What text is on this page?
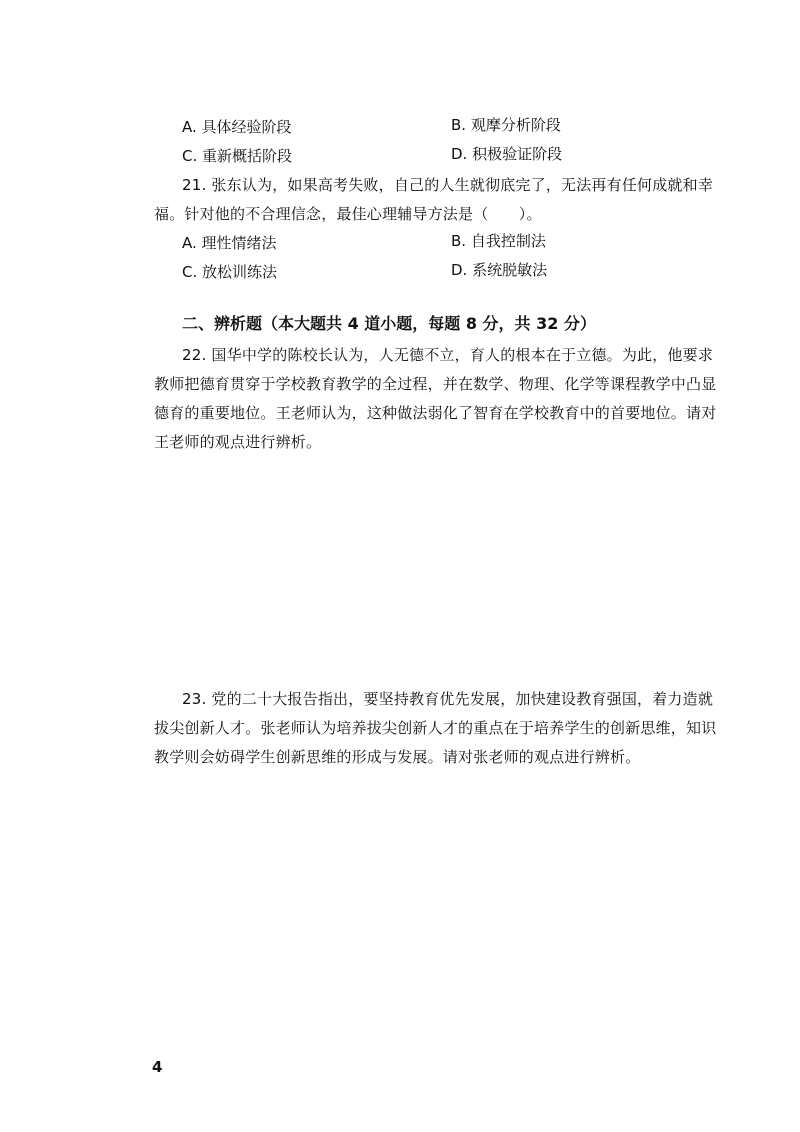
A. 具体经验阶段	B. 观摩分析阶段
C. 重新概括阶段	D. 积极验证阶段
21. 张东认为，如果高考失败，自己的人生就彻底完了，无法再有任何成就和幸
福。针对他的不合理信念，最佳心理辅导方法是（　　）。
A. 理性情绪法	B. 自我控制法
C. 放松训练法	D. 系统脱敏法
二、辨析题（本大题共 4 道小题，每题 8 分，共 32 分）
22. 国华中学的陈校长认为，人无德不立，育人的根本在于立德。为此，他要求
教师把德育贯穿于学校教育教学的全过程，并在数学、物理、化学等课程教学中凸显
德育的重要地位。王老师认为，这种做法弱化了智育在学校教育中的首要地位。请对
王老师的观点进行辨析。
23. 党的二十大报告指出，要坚持教育优先发展，加快建设教育强国，着力造就
拔尖创新人才。张老师认为培养拔尖创新人才的重点在于培养学生的创新思维，知识
教学则会妨碍学生创新思维的形成与发展。请对张老师的观点进行辨析。
4
